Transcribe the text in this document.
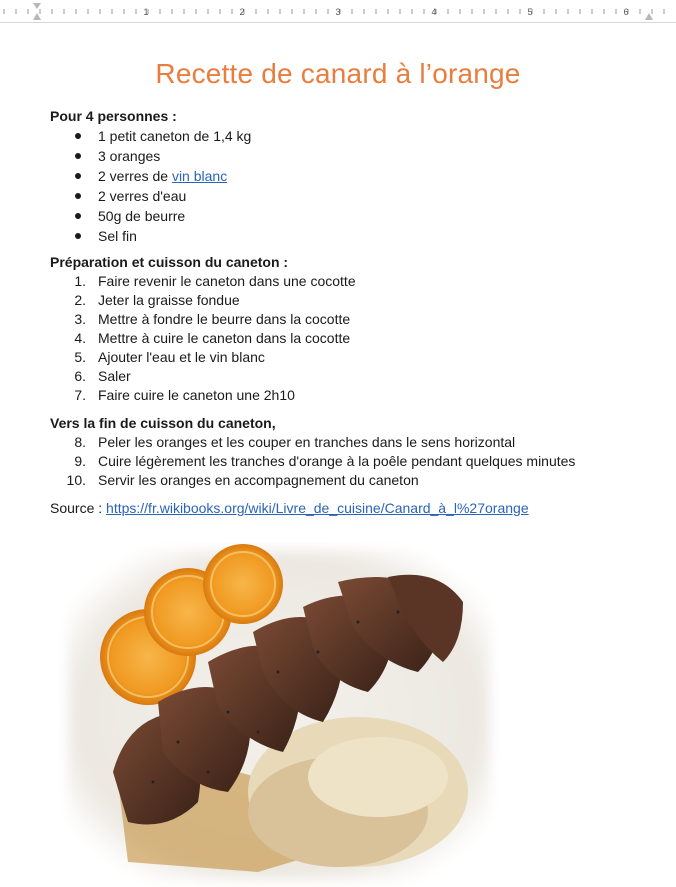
1	2	3	4	5	6
Recette de canard à l’orange

Pour 4 personnes :

1 petit caneton de 1,4 kg
3 oranges
2 verres de vin blanc
2 verres d'eau
50g de beurre
Sel fin

Préparation et cuisson du caneton :

1. Faire revenir le caneton dans une cocotte
2. Jeter la graisse fondue
3. Mettre à fondre le beurre dans la cocotte
4. Mettre à cuire le caneton dans la cocotte
5. Ajouter l'eau et le vin blanc
6. Saler
7. Faire cuire le caneton une 2h10

Vers la fin de cuisson du caneton,

8. Peler les oranges et les couper en tranches dans le sens horizontal
9. Cuire légèrement les tranches d'orange à la poêle pendant quelques minutes
10. Servir les oranges en accompagnement du caneton

Source : https://fr.wikibooks.org/wiki/Livre_de_cuisine/Canard_à_l%27orange
